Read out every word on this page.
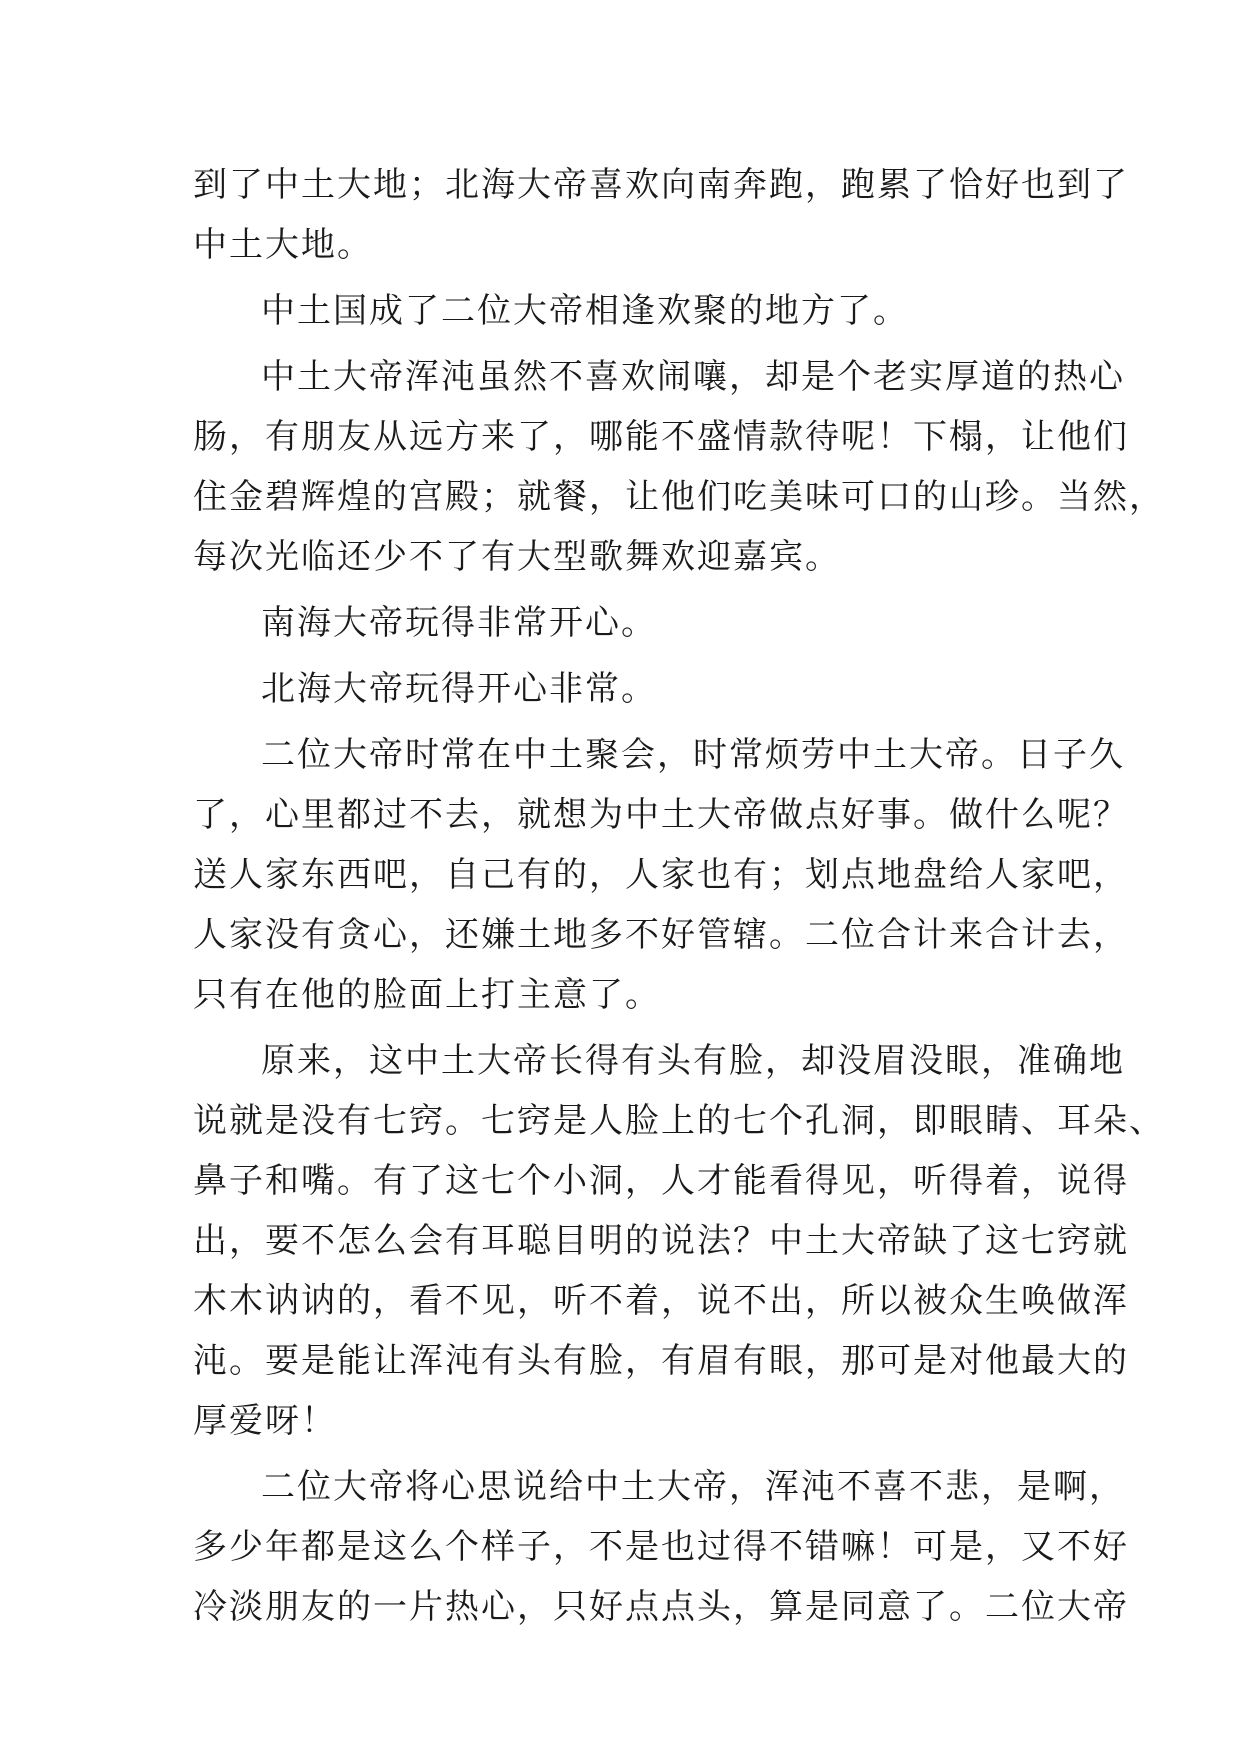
到了中土大地；北海大帝喜欢向南奔跑，跑累了恰好也到了
中土大地。
中土国成了二位大帝相逢欢聚的地方了。
中土大帝浑沌虽然不喜欢闹嚷，却是个老实厚道的热心
肠，有朋友从远方来了，哪能不盛情款待呢！下榻，让他们
住金碧辉煌的宫殿；就餐，让他们吃美味可口的山珍。当然，
每次光临还少不了有大型歌舞欢迎嘉宾。
南海大帝玩得非常开心。
北海大帝玩得开心非常。
二位大帝时常在中土聚会，时常烦劳中土大帝。日子久
了，心里都过不去，就想为中土大帝做点好事。做什么呢？
送人家东西吧，自己有的，人家也有；划点地盘给人家吧，
人家没有贪心，还嫌土地多不好管辖。二位合计来合计去，
只有在他的脸面上打主意了。
原来，这中土大帝长得有头有脸，却没眉没眼，准确地
说就是没有七窍。七窍是人脸上的七个孔洞，即眼睛、耳朵、
鼻子和嘴。有了这七个小洞，人才能看得见，听得着，说得
出，要不怎么会有耳聪目明的说法？中土大帝缺了这七窍就
木木讷讷的，看不见，听不着，说不出，所以被众生唤做浑
沌。要是能让浑沌有头有脸，有眉有眼，那可是对他最大的
厚爱呀！
二位大帝将心思说给中土大帝，浑沌不喜不悲，是啊，
多少年都是这么个样子，不是也过得不错嘛！可是，又不好
冷淡朋友的一片热心，只好点点头，算是同意了。二位大帝
